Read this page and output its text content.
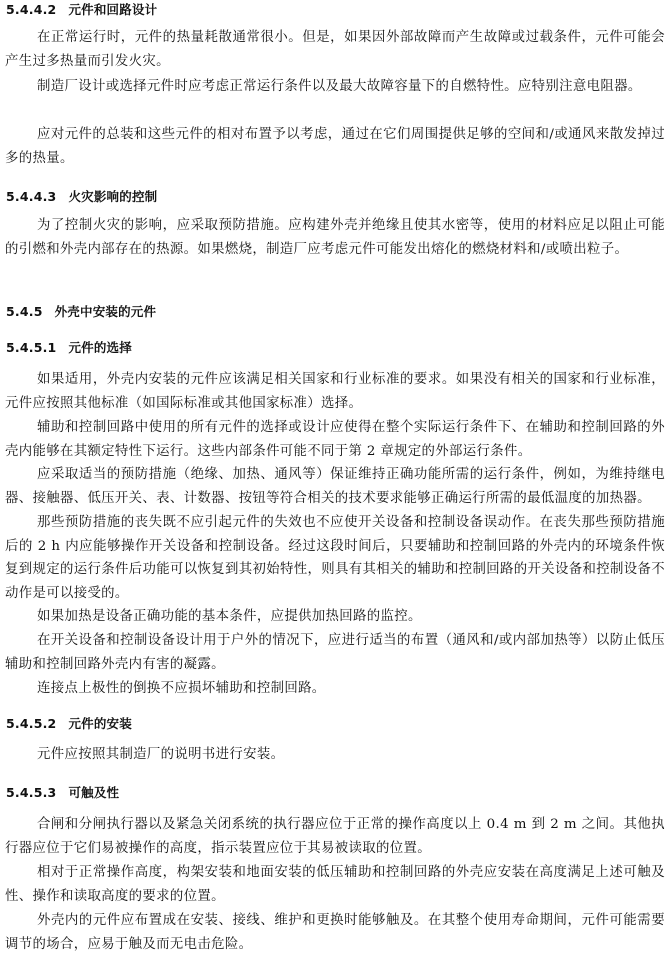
5.4.4.2 元件和回路设计

在正常运行时，元件的热量耗散通常很小。但是，如果因外部故障而产生故障或过载条件，元件可能会产生过多热量而引发火灾。

制造厂设计或选择元件时应考虑正常运行条件以及最大故障容量下的自燃特性。应特别注意电阻器。

应对元件的总装和这些元件的相对布置予以考虑，通过在它们周围提供足够的空间和/或通风来散发掉过多的热量。

5.4.4.3 火灾影响的控制

为了控制火灾的影响，应采取预防措施。应构建外壳并绝缘且使其水密等，使用的材料应足以阻止可能的引燃和外壳内部存在的热源。如果燃烧，制造厂应考虑元件可能发出熔化的燃烧材料和/或喷出粒子。

5.4.5 外壳中安装的元件
5.4.5.1 元件的选择

如果适用，外壳内安装的元件应该满足相关国家和行业标准的要求。如果没有相关的国家和行业标准，元件应按照其他标准（如国际标准或其他国家标准）选择。

辅助和控制回路中使用的所有元件的选择或设计应使得在整个实际运行条件下、在辅助和控制回路的外壳内能够在其额定特性下运行。这些内部条件可能不同于第 2 章规定的外部运行条件。

应采取适当的预防措施（绝缘、加热、通风等）保证维持正确功能所需的运行条件，例如，为维持继电器、接触器、低压开关、表、计数器、按钮等符合相关的技术要求能够正确运行所需的最低温度的加热器。

那些预防措施的丧失既不应引起元件的失效也不应使开关设备和控制设备误动作。在丧失那些预防措施后的 2 h 内应能够操作开关设备和控制设备。经过这段时间后，只要辅助和控制回路的外壳内的环境条件恢复到规定的运行条件后功能可以恢复到其初始特性，则具有其相关的辅助和控制回路的开关设备和控制设备不动作是可以接受的。

如果加热是设备正确功能的基本条件，应提供加热回路的监控。

在开关设备和控制设备设计用于户外的情况下，应进行适当的布置（通风和/或内部加热等）以防止低压辅助和控制回路外壳内有害的凝露。

连接点上极性的倒换不应损坏辅助和控制回路。

5.4.5.2 元件的安装

元件应按照其制造厂的说明书进行安装。

5.4.5.3 可触及性

合闸和分闸执行器以及紧急关闭系统的执行器应位于正常的操作高度以上 0.4 m 到 2 m 之间。其他执行器应位于它们易被操作的高度，指示装置应位于其易被读取的位置。

相对于正常操作高度，构架安装和地面安装的低压辅助和控制回路的外壳应安装在高度满足上述可触及性、操作和读取高度的要求的位置。

外壳内的元件应布置成在安装、接线、维护和更换时能够触及。在其整个使用寿命期间，元件可能需要调节的场合，应易于触及而无电击危险。
